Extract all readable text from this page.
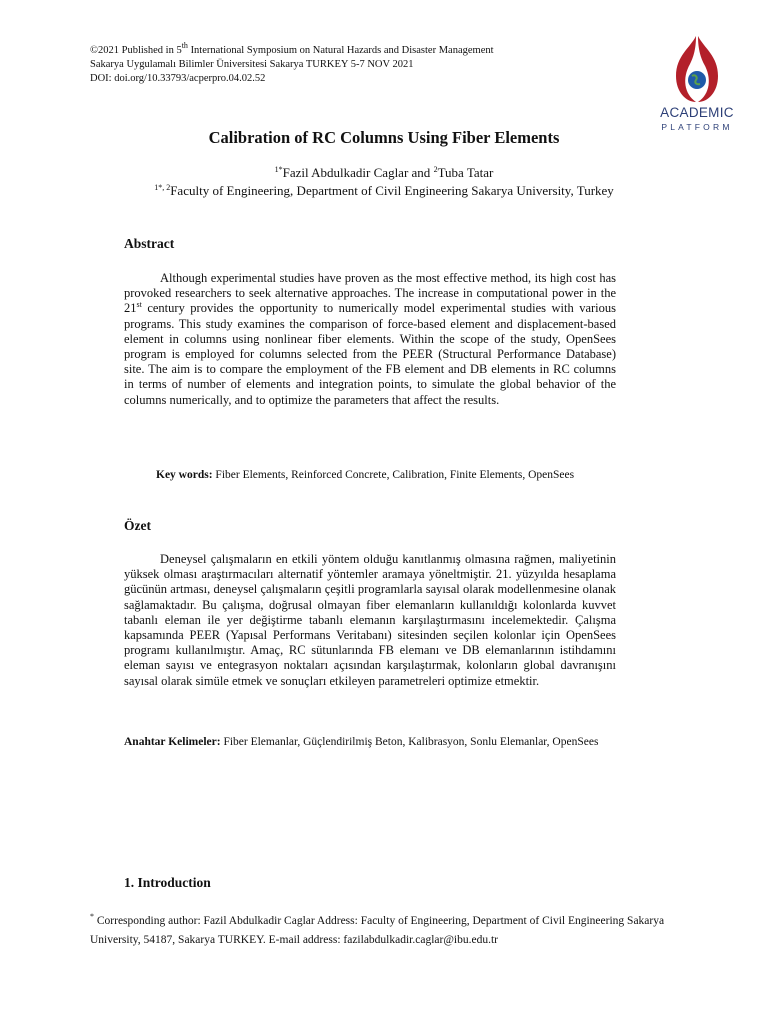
©2021 Published in 5th International Symposium on Natural Hazards and Disaster Management
Sakarya Uygulamalı Bilimler Üniversitesi Sakarya TURKEY 5-7 NOV 2021
DOI: doi.org/10.33793/acperpro.04.02.52
ACADEMIC
PLATFORM
Calibration of RC Columns Using Fiber Elements
$^{1*}$Fazil Abdulkadir Caglar and $^2$Tuba Tatar
$^{1*, 2}$Faculty of Engineering, Department of Civil Engineering Sakarya University, Turkey
Abstract

Although experimental studies have proven as the most effective method, its high cost has provoked researchers to seek alternative approaches. The increase in computational power in the 21st century provides the opportunity to numerically model experimental studies with various programs. This study examines the comparison of force-based element and displacement-based element in columns using nonlinear fiber elements. Within the scope of the study, OpenSees program is employed for columns selected from the PEER (Structural Performance Database) site. The aim is to compare the employment of the FB element and DB elements in RC columns in terms of number of elements and integration points, to simulate the global behavior of the columns numerically, and to optimize the parameters that affect the results.

Key words: Fiber Elements, Reinforced Concrete, Calibration, Finite Elements, OpenSees
Özet

Deneysel çalışmaların en etkili yöntem olduğu kanıtlanmış olmasına rağmen, maliyetinin yüksek olması araştırmacıları alternatif yöntemler aramaya yöneltmiştir. 21. yüzyılda hesaplama gücünün artması, deneysel çalışmaların çeşitli programlarla sayısal olarak modellenmesine olanak sağlamaktadır. Bu çalışma, doğrusal olmayan fiber elemanların kullanıldığı kolonlarda kuvvet tabanlı eleman ile yer değiştirme tabanlı elemanın karşılaştırmasını incelemektedir. Çalışma kapsamında PEER (Yapısal Performans Veritabanı) sitesinden seçilen kolonlar için OpenSees programı kullanılmıştır. Amaç, RC sütunlarında FB elemanı ve DB elemanlarının istihdamını eleman sayısı ve entegrasyon noktaları açısından karşılaştırmak, kolonların global davranışını sayısal olarak simüle etmek ve sonuçları etkileyen parametreleri optimize etmektir.

Anahtar Kelimeler: Fiber Elemanlar, Güçlendirilmiş Beton, Kalibrasyon, Sonlu Elemanlar, OpenSees
1. Introduction
* Corresponding author: Fazil Abdulkadir Caglar Address: Faculty of Engineering, Department of Civil Engineering Sakarya University, 54187, Sakarya TURKEY. E-mail address: fazilabdulkadir.caglar@ibu.edu.tr
